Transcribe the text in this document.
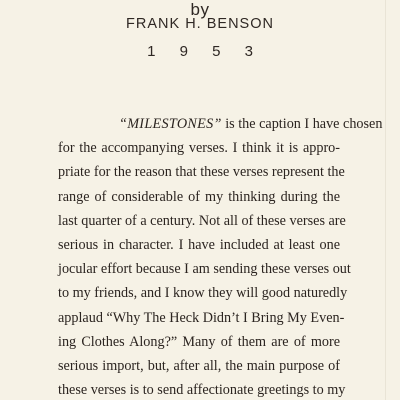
by
FRANK H. BENSON
1 9 5 3
“MILESTONES” is the caption I have chosen
for the accompanying verses. I think it is appro-
priate for the reason that these verses represent the
range of considerable of my thinking during the
last quarter of a century. Not all of these verses are
serious in character. I have included at least one
jocular effort because I am sending these verses out
to my friends, and I know they will good naturedly
applaud “Why The Heck Didn’t I Bring My Even-
ing Clothes Along?” Many of them are of more
serious import, but, after all, the main purpose of
these verses is to send affectionate greetings to my
